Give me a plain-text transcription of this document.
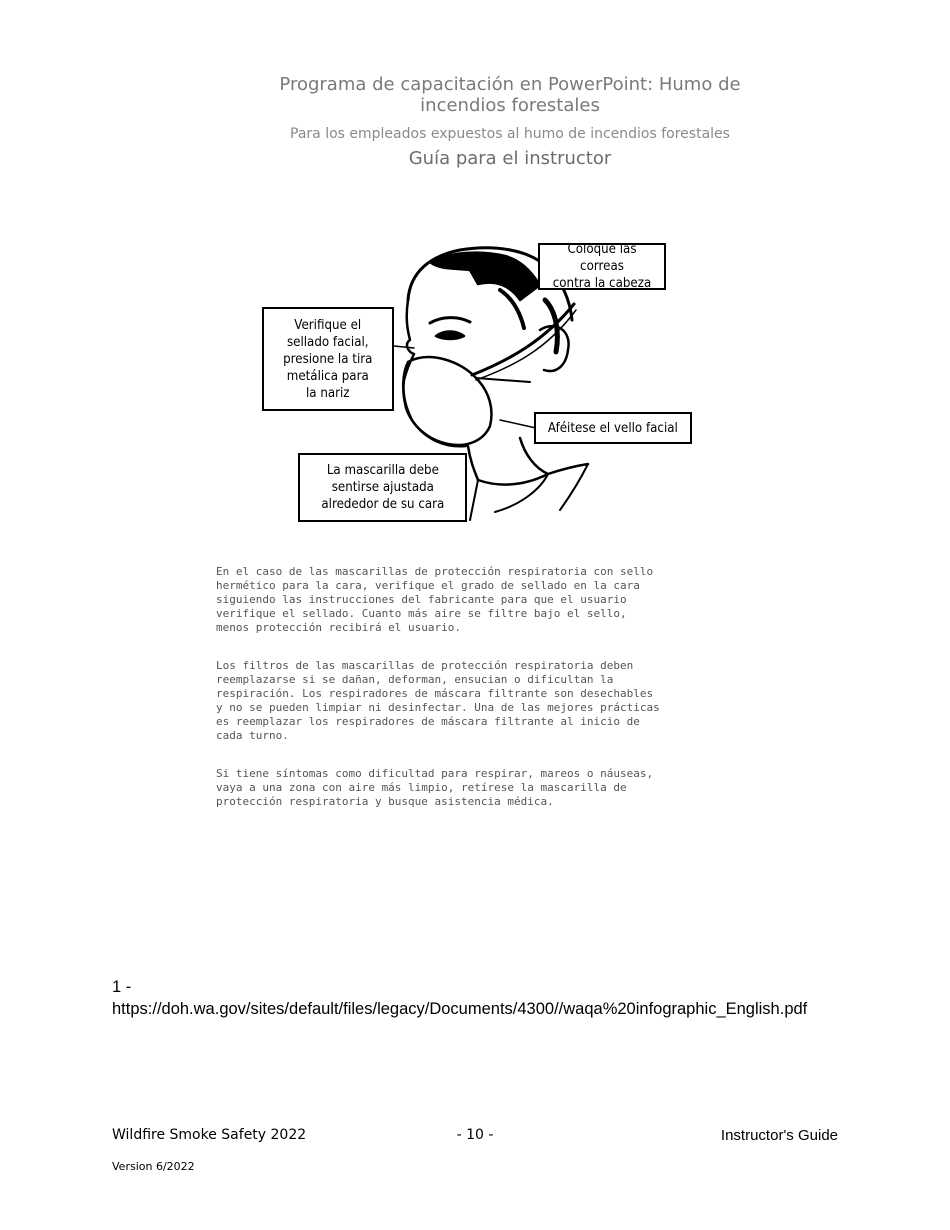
Programa de capacitación en PowerPoint: Humo de incendios forestales
Para los empleados expuestos al humo de incendios forestales
Guía para el instructor
Coloque las correas
contra la cabeza
Verifique el
sellado facial,
presione la tira
metálica para
la nariz
Aféitese el vello facial
La mascarilla debe
sentirse ajustada
alrededor de su cara

En el caso de las mascarillas de protección respiratoria con sello
hermético para la cara, verifique el grado de sellado en la cara
siguiendo las instrucciones del fabricante para que el usuario
verifique el sellado. Cuanto más aire se filtre bajo el sello,
menos protección recibirá el usuario.

Los filtros de las mascarillas de protección respiratoria deben
reemplazarse si se dañan, deforman, ensucian o dificultan la
respiración. Los respiradores de máscara filtrante son desechables
y no se pueden limpiar ni desinfectar. Una de las mejores prácticas
es reemplazar los respiradores de máscara filtrante al inicio de
cada turno.

Si tiene síntomas como dificultad para respirar, mareos o náuseas,
vaya a una zona con aire más limpio, retírese la mascarilla de
protección respiratoria y busque asistencia médica.

1 -
https://doh.wa.gov/sites/default/files/legacy/Documents/4300//waqa%20infographic_English.pdf
Wildfire Smoke Safety 2022	- 10 -	Instructor's Guide
Version 6/2022
